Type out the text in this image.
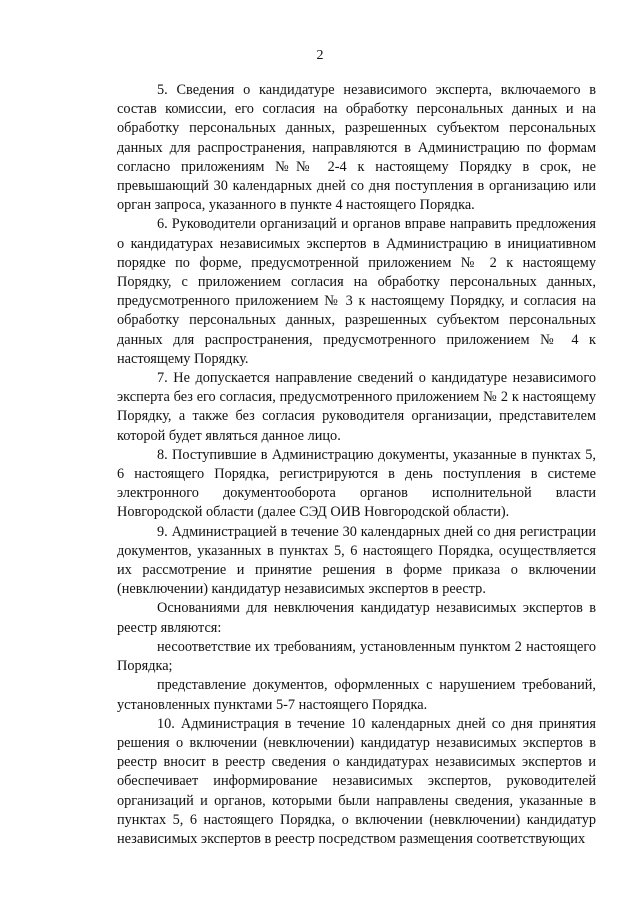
2

5. Сведения о кандидатуре независимого эксперта, включаемого в состав комиссии, его согласия на обработку персональных данных и на обработку персональных данных, разрешенных субъектом персональных данных для распространения, направляются в Администрацию по формам согласно приложениям №№ 2-4 к настоящему Порядку в срок, не превышающий 30 календарных дней со дня поступления в организацию или орган запроса, указанного в пункте 4 настоящего Порядка.

6. Руководители организаций и органов вправе направить предложения о кандидатурах независимых экспертов в Администрацию в инициативном порядке по форме, предусмотренной приложением № 2 к настоящему Порядку, с приложением согласия на обработку персональных данных, предусмотренного приложением № 3 к настоящему Порядку, и согласия на обработку персональных данных, разрешенных субъектом персональных данных для распространения, предусмотренного приложением № 4 к настоящему Порядку.

7. Не допускается направление сведений о кандидатуре независимого эксперта без его согласия, предусмотренного приложением № 2 к настоящему Порядку, а также без согласия руководителя организации, представителем которой будет являться данное лицо.

8. Поступившие в Администрацию документы, указанные в пунктах 5, 6 настоящего Порядка, регистрируются в день поступления в системе электронного документооборота органов исполнительной власти Новгородской области (далее СЭД ОИВ Новгородской области).

9. Администрацией в течение 30 календарных дней со дня регистрации документов, указанных в пунктах 5, 6 настоящего Порядка, осуществляется их рассмотрение и принятие решения в форме приказа о включении (невключении) кандидатур независимых экспертов в реестр.

Основаниями для невключения кандидатур независимых экспертов в реестр являются:

несоответствие их требованиям, установленным пунктом 2 настоящего Порядка;

представление документов, оформленных с нарушением требований, установленных пунктами 5-7 настоящего Порядка.

10. Администрация в течение 10 календарных дней со дня принятия решения о включении (невключении) кандидатур независимых экспертов в реестр вносит в реестр сведения о кандидатурах независимых экспертов и обеспечивает информирование независимых экспертов, руководителей организаций и органов, которыми были направлены сведения, указанные в пунктах 5, 6 настоящего Порядка, о включении (невключении) кандидатур независимых экспертов в реестр посредством размещения соответствующих
